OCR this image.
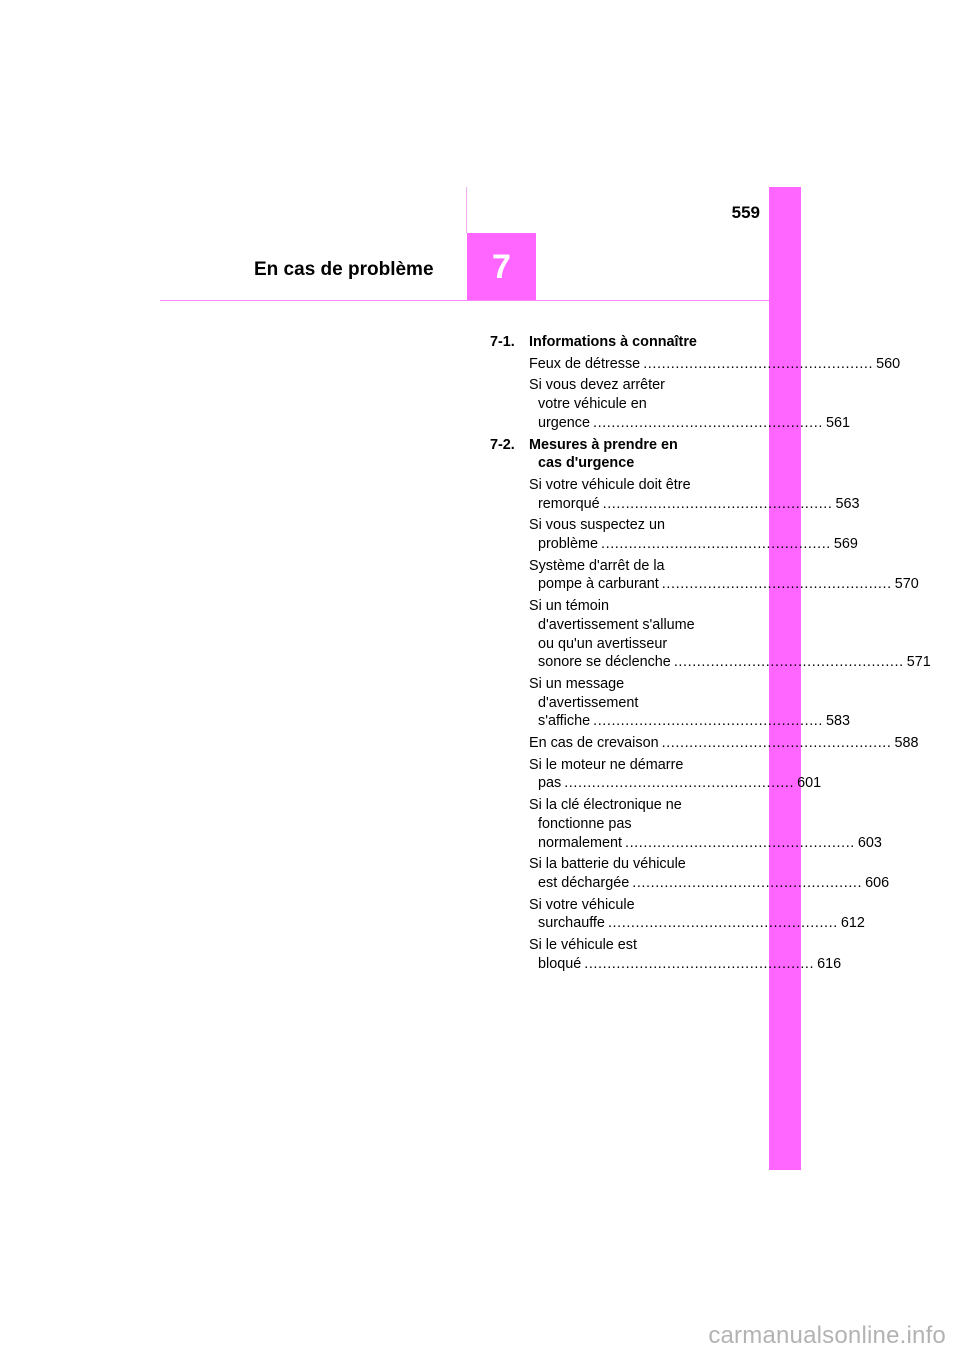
559
En cas de problème	7
7-1. Informations à connaître
Feux de détresse .................................................. 560
Si vous devez arrêter
votre véhicule en
urgence .................................................. 561
7-2. Mesures à prendre en
cas d'urgence
Si votre véhicule doit être
remorqué .................................................. 563
Si vous suspectez un
problème .................................................. 569
Système d'arrêt de la
pompe à carburant .................................................. 570
Si un témoin
d'avertissement s'allume
ou qu'un avertisseur
sonore se déclenche .................................................. 571
Si un message
d'avertissement
s'affiche .................................................. 583
En cas de crevaison .................................................. 588
Si le moteur ne démarre
pas .................................................. 601
Si la clé électronique ne
fonctionne pas
normalement .................................................. 603
Si la batterie du véhicule
est déchargée .................................................. 606
Si votre véhicule
surchauffe .................................................. 612
Si le véhicule est
bloqué .................................................. 616
carmanualsonline.info
